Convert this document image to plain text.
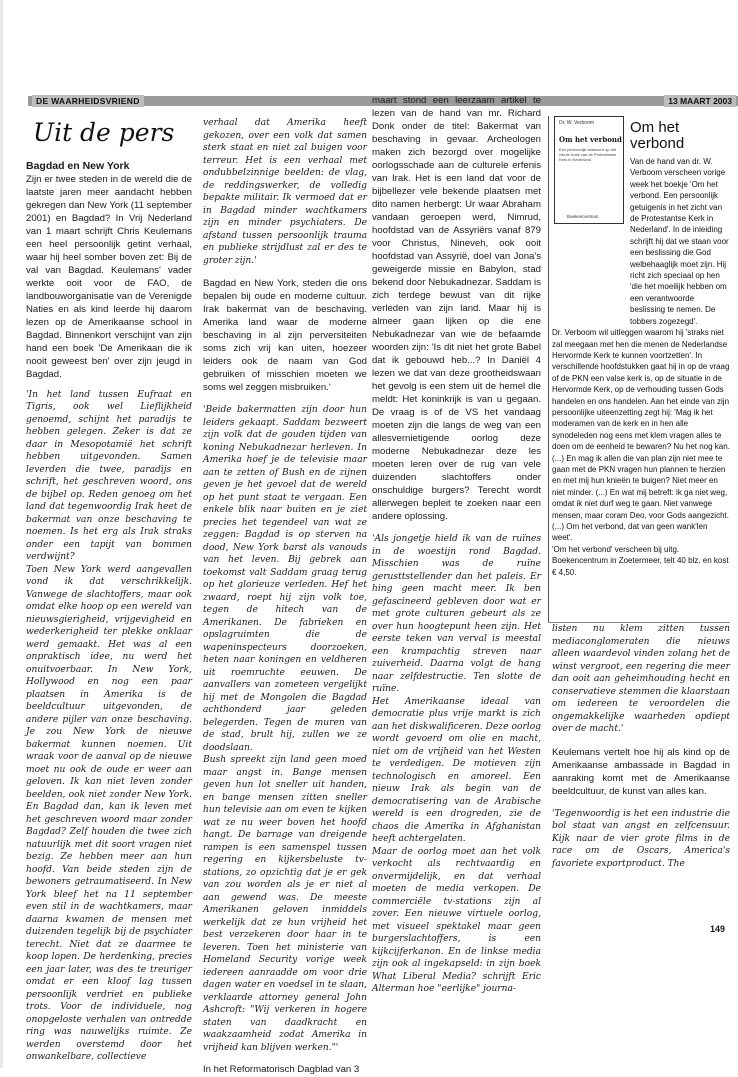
DE WAARHEIDSVRIEND	13 MAART 2003
Uit de pers
Bagdad en New York

Zijn er twee steden in de wereld die de laatste jaren meer aandacht hebben gekregen dan New York (11 september 2001) en Bagdad? In Vrij Nederland van 1 maart schrijft Chris Keulemans een heel persoonlijk getint verhaal, waar hij heel somber boven zet: Bij de val van Bagdad. Keulemans' vader werkte ooit voor de FAO, de landbouworganisatie van de Verenigde Naties en als kind leerde hij daarom lezen op de Amerikaanse school in Bagdad. Binnenkort verschijnt van zijn hand een boek 'De Amerikaan die ik nooit geweest ben' over zijn jeugd in Bagdad.

'In het land tussen Eufraat en Tigris, ook wel Lieflijkheid genoemd, schijnt het paradijs te hebben gelegen. Zeker is dat ze daar in Mesopotamië het schrift hebben uitgevonden. Samen leverden die twee, paradijs en schrift, het geschreven woord, ons de bijbel op. Reden genoeg om het land dat tegenwoordig Irak heet de bakermat van onze beschaving te noemen. Is het erg als Irak straks onder een tapijt van bommen verdwijnt?

Toen New York werd aangevallen vond ik dat verschrikkelijk. Vanwege de slachtoffers, maar ook omdat elke hoop op een wereld van nieuwsgierigheid, vrijgevigheid en wederkerigheid ter plekke onklaar werd gemaakt. Het was al een onpraktisch idee, nu werd het onuitvoerbaar. In New York, Hollywood en nog een paar plaatsen in Amerika is de beeldcultuur uitgevonden, de andere pijler van onze beschaving. Je zou New York de nieuwe bakermat kunnen noemen. Uit wraak voor de aanval op de nieuwe moet nu ook de oude er weer aan geloven. Ik kan niet leven zonder beelden, ook niet zonder New York. En Bagdad dan, kan ik leven met het geschreven woord maar zonder Bagdad? Zelf houden die twee zich natuurlijk met dit soort vragen niet bezig. Ze hebben meer aan hun hoofd. Van beide steden zijn de bewoners getraumatiseerd. In New York bleef het na 11 september even stil in de wachtkamers, maar daarna kwamen de mensen met duizenden tegelijk bij de psychiater terecht. Niet dat ze daarmee te koop lopen. De herdenking, precies een jaar later, was des te treuriger omdat er een kloof lag tussen persoonlijk verdriet en publieke trots. Voor de individuele, nog onopgeloste verhalen van ontredde ring was nauwelijks ruimte. Ze werden overstemd door het onwankelbare, collectieve

verhaal dat Amerika heeft gekozen, over een volk dat samen sterk staat en niet zal buigen voor terreur. Het is een verhaal met ondubbelzinnige beelden: de vlag, de reddingswerker, de volledig bepakte militair. Ik vermoed dat er in Bagdad minder wachtkamers zijn en minder psychiaters. De afstand tussen persoonlijk trauma en publieke strijdlust zal er des te groter zijn.'

Bagdad en New York, steden die ons bepalen bij oude en moderne cultuur. Irak bakermat van de beschaving. Amerika land waar de moderne beschaving in al zijn perversiteiten soms zich vrij kan uiten, hoezeer leiders ook de naam van God gebruiken of misschien moeten we soms wel zeggen misbruiken.'

'Beide bakermatten zijn door hun leiders gekaapt. Saddam bezweert zijn volk dat de gouden tijden van koning Nebukadnezar herleven. In Amerika hoef je de televisie maar aan te zetten of Bush en de zijnen geven je het gevoel dat de wereld op het punt staat te vergaan. Een enkele blik naar buiten en je ziet precies het tegendeel van wat ze zeggen: Bagdad is op sterven na dood, New York barst als vanouds van het leven. Bij gebrek aan toekomst valt Saddam graag terug op het glorieuze verleden. Hef het zwaard, roept hij zijn volk toe, tegen de hitech van de Amerikanen. De fabrieken en opslagruimten die de wapeninspecteurs doorzoeken, heten naar koningen en veldheren uit roemruchte eeuwen. De aanvallers van zometeen vergelijkt hij met de Mongolen die Bagdad achthonderd jaar geleden belegerden. Tegen de muren van de stad, brult hij, zullen we ze doodslaan.

Bush spreekt zijn land geen moed maar angst in. Bange mensen geven hun lot sneller uit handen, en bange mensen zitten sneller hun televisie aan om even te kijken wat ze nu weer boven het hoofd hangt. De barrage van dreigende rampen is een samenspel tussen regering en kijkersbeluste tv-stations, zo opzichtig dat je er gek van zou worden als je er niet al aan gewend was. De meeste Amerikanen geloven inmiddels werkelijk dat ze hun vrijheid het best verzekeren door haar in te leveren. Toen het ministerie van Homeland Security vorige week iedereen aanraadde om voor drie dagen water en voedsel in te slaan, verklaarde attorney general John Ashcroft: "Wij verkeren in hogere staten van daadkracht en waakzaamheid zodat Amerika in vrijheid kan blijven werken."'

In het Reformatorisch Dagblad van 3

maart stond een leerzaam artikel te lezen van de hand van mr. Richard Donk onder de titel: Bakermat van beschaving in gevaar. Archeologen maken zich bezorgd over mogelijke oorlogsschade aan de culturele erfenis van Irak. Het is een land dat voor de bijbellezer vele bekende plaatsen met dito namen herbergt: Ur waar Abraham vandaan geroepen werd, Nimrud, hoofdstad van de Assyriërs vanaf 879 voor Christus, Nineveh, ook ooit hoofdstad van Assyrië, doel van Jona's geweigerde missie en Babylon, stad bekend door Nebukadnezar. Saddam is zich terdege bewust van dit rijke verleden van zijn land. Maar hij is almeer gaan lijken op die ene Nebukadnezar van wie de befaamde woorden zijn: 'Is dit niet het grote Babel dat ik gebouwd heb...? In Daniël 4 lezen we dat van deze grootheidswaan het gevolg is een stem uit de hemel die meldt: Het koninkrijk is van u gegaan. De vraag is of de VS het vandaag moeten zijn die langs de weg van een allesvernietigende oorlog deze moderne Nebukadnezar deze les moeten leren over de rug van vele duizenden slachtoffers onder onschuldige burgers? Terecht wordt allerwegen bepleit te zoeken naar een andere oplossing.

'Als jongetje hield ik van de ruïnes in de woestijn rond Bagdad. Misschien was de ruïne gerusttstellender dan het paleis. Er hing geen macht meer. Ik ben gefascineerd gebleven door wat er met grote culturen gebeurt als ze over hun hoogtepunt heen zijn. Het eerste teken van verval is meestal een krampachtig streven naar zuiverheid. Daarna volgt de hang naar zelfdestructie. Ten slotte de ruïne.

Het Amerikaanse ideaal van democratie plus vrije markt is zich aan het diskwalificeren. Deze oorlog wordt gevoerd om olie en macht, niet om de vrijheid van het Westen te verdedigen. De motieven zijn technologisch en amoreel. Een nieuw Irak als begin van de democratisering van de Arabische wereld is een drogreden, zie de chaos die Amerika in Afghanistan heeft achtergelaten.

Maar de oorlog moet aan het volk verkocht als rechtvaardig en onvermijdelijk, en dat verhaal moeten de media verkopen. De commerciële tv-stations zijn al zover. Een nieuwe virtuele oorlog, met visueel spektakel maar geen burgerslachtoffers, is een kijkcijferkanon. En de linkse media zijn ook al ingekapseld: in zijn boek What Liberal Media? schrijft Eric Alterman hoe "eerlijke" journa-

Dr. W. Verboom
Om het verbond
Een persoonlijk antwoord op het vierde boek van de Protestantse Kerk in Nederland
Boekencentrum
Om het verbond

Van de hand van dr. W. Verboom verscheen vorige week het boekje 'Om het verbond. Een persoonlijk getuigenis in het zicht van de Protestantse Kerk in Nederland'. In de inleiding schrijft hij dat we staan voor een beslissing die God welbehaaglijk moet zijn. Hij richt zich speciaal op hen 'die het moeilijk hebben om een verantwoorde beslissing te nemen. De tobbers zogezegd'.

Dr. Verboom wil uitleggen waarom hij 'straks niet zal meegaan met hen die menen de Nederlandse Hervormde Kerk te kunnen voortzetten'. In verschillende hoofdstukken gaat hij in op de vraag of de PKN een valse kerk is, op de situatie in de Hervormde Kerk, op de verhouding tussen Gods handelen en ons handelen. Aan het einde van zijn persoonlijke uiteenzetting zegt hij: 'Mag ik het moderamen van de kerk en in hen alle synodeleden nog eens met klem vragen alles te doen om de eenheid te bewaren? Nu het nog kan. (...) En mag ik allen die van plan zijn niet mee te gaan met de PKN vragen hun plannen te herzien en met mij hun knieën te buigen? Niet meer en niet minder. (...) En wat mij betreft: ik ga niet weg, omdat ik niet durf weg te gaan. Niet vanwege mensen, maar coram Deo, voor Gods aangezicht. (...) Om het verbond, dat van geen wank'len weet'.

'Om het verbond' verscheen bij uitg. Boekencentrum in Zoetermeer, telt 40 blz. en kost € 4,50.

listen nu klem zitten tussen mediaconglomeraten die nieuws alleen waardevol vinden zolang het de winst vergroot, een regering die meer dan ooit aan geheimhouding hecht en conservatieve stemmen die klaarstaan om iedereen te veroordelen die ongemakkelijke waarheden opdiept over de macht.'

Keulemans vertelt hoe hij als kind op de Amerikaanse ambassade in Bagdad in aanraking komt met de Amerikaanse beeldcultuur, de kunst van alles kan.

'Tegenwoordig is het een industrie die bol staat van angst en zelfcensuur. Kijk naar de vier grote films in de race om de Oscars, America's favoriete exportproduct. The

149
